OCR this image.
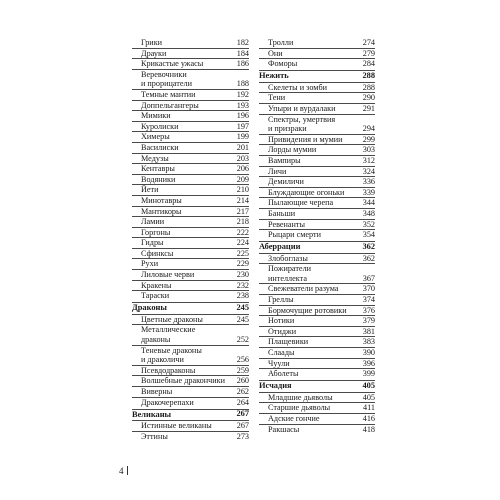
Грики	182
Драуки	184
Крикастые ужасы	186
Веревочники
и прорицатели	188
Темные мантии	192
Доппельгангеры	193
Мимики	196
Куролиски	197
Химеры	199
Василиски	201
Медузы	203
Кентавры	206
Водяники	209
Йети	210
Минотавры	214
Мантикоры	217
Ламии	218
Горгоны	222
Гидры	224
Сфинксы	225
Рухи	229
Лиловые черви	230
Кракены	232
Тараски	238
Драконы	245
Цветные драконы	245
Металлические драконы	252
Теневые драконы
и драколичи	256
Псевдодраконы	259
Волшебные дракончики	260
Виверны	262
Дракочерепахи	264
Великаны	267
Истинные великаны	267
Эттины	273
Тролли	274
Они	279
Фоморы	284
Нежить	288
Скелеты и зомби	288
Тени	290
Упыри и вурдалаки	291
Спектры, умертвия
и призраки	294
Привидения и мумии	299
Лорды мумии	303
Вампиры	312
Личи	324
Демиличи	336
Блуждающие огоньки	339
Пылающие черепа	344
Баньши	348
Ревенанты	352
Рыцари смерти	354
Аберрации	362
Злобоглазы	362
Пожиратели интеллекта	367
Свежеватели разума	370
Греллы	374
Бормочущие ротовики	376
Нотики	379
Отиджи	381
Плащевики	383
Слаады	390
Чуули	396
Аболеты	399
Исчадия	405
Младшие дьяволы	405
Старшие дьяволы	411
Адские гончие	416
Ракшасы	418
4
